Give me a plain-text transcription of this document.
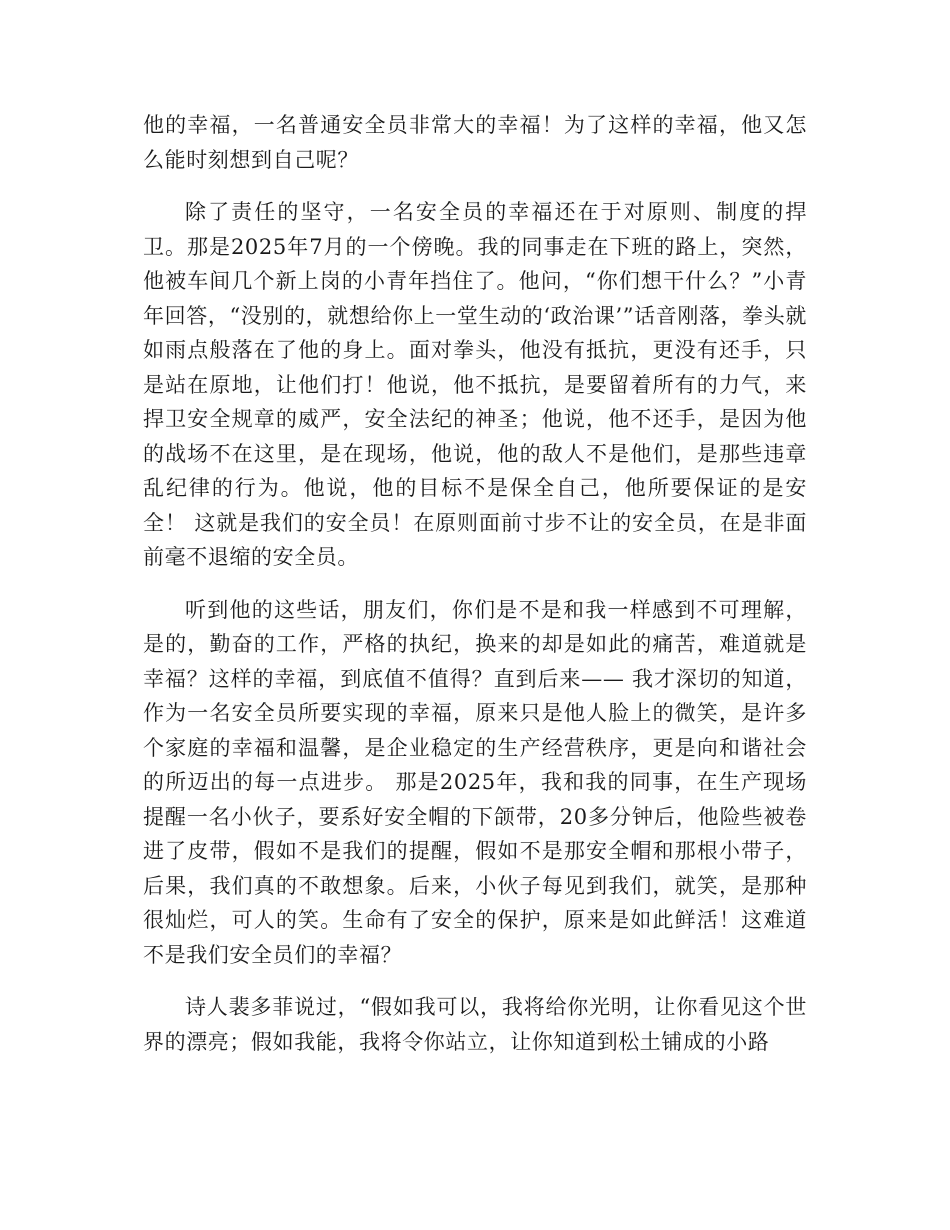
他的幸福，一名普通安全员非常大的幸福！为了这样的幸福，他又怎么能时刻想到自己呢？

除了责任的坚守，一名安全员的幸福还在于对原则、制度的捍卫。那是2025年7月的一个傍晚。我的同事走在下班的路上，突然，他被车间几个新上岗的小青年挡住了。他问，“你们想干什么？”小青年回答，“没别的，就想给你上一堂生动的‘政治课’”话音刚落，拳头就如雨点般落在了他的身上。面对拳头，他没有抵抗，更没有还手，只是站在原地，让他们打！他说，他不抵抗，是要留着所有的力气，来捍卫安全规章的威严，安全法纪的神圣；他说，他不还手，是因为他的战场不在这里，是在现场，他说，他的敌人不是他们，是那些违章乱纪律的行为。他说，他的目标不是保全自己，他所要保证的是安全！ 这就是我们的安全员！在原则面前寸步不让的安全员，在是非面前毫不退缩的安全员。

听到他的这些话，朋友们，你们是不是和我一样感到不可理解，是的，勤奋的工作，严格的执纪，换来的却是如此的痛苦，难道就是幸福？这样的幸福，到底值不值得？直到后来—— 我才深切的知道，作为一名安全员所要实现的幸福，原来只是他人脸上的微笑，是许多个家庭的幸福和温馨，是企业稳定的生产经营秩序，更是向和谐社会的所迈出的每一点进步。 那是2025年，我和我的同事，在生产现场提醒一名小伙子，要系好安全帽的下颌带，20多分钟后，他险些被卷进了皮带，假如不是我们的提醒，假如不是那安全帽和那根小带子，后果，我们真的不敢想象。后来，小伙子每见到我们，就笑，是那种很灿烂，可人的笑。生命有了安全的保护，原来是如此鲜活！这难道不是我们安全员们的幸福？

诗人裴多菲说过，“假如我可以，我将给你光明，让你看见这个世界的漂亮；假如我能，我将令你站立，让你知道到松土铺成的小路
